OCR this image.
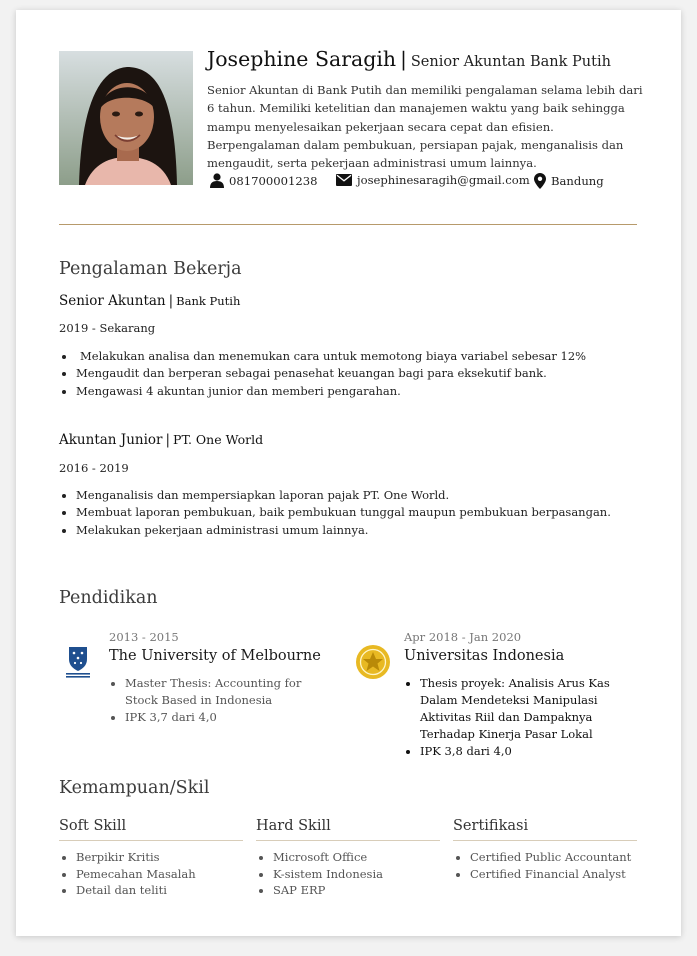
Josephine Saragih | Senior Akuntan Bank Putih

Senior Akuntan di Bank Putih dan memiliki pengalaman selama lebih dari 6 tahun. Memiliki ketelitian dan manajemen waktu yang baik sehingga mampu menyelesaikan pekerjaan secara cepat dan efisien. Berpengalaman dalam pembukuan, persiapan pajak, menganalisis dan mengaudit, serta pekerjaan administrasi umum lainnya.

081700001238	josephinesaragih@gmail.com Bandung
Pengalaman Bekerja

Senior Akuntan | Bank Putih

2019 - Sekarang
• Melakukan analisa dan menemukan cara untuk memotong biaya variabel sebesar 12%
• Mengaudit dan berperan sebagai penasehat keuangan bagi para eksekutif bank.
• Mengawasi 4 akuntan junior dan memberi pengarahan.

Akuntan Junior | PT. One World

2016 - 2019
• Menganalisis dan mempersiapkan laporan pajak PT. One World.
• Membuat laporan pembukuan, baik pembukuan tunggal maupun pembukuan berpasangan.
• Melakukan pekerjaan administrasi umum lainnya.
Pendidikan
2013 - 2015
The University of Melbourne
• Master Thesis: Accounting for Stock Based in Indonesia
• IPK 3,7 dari 4,0
Apr 2018 - Jan 2020
Universitas Indonesia
• Thesis proyek: Analisis Arus Kas Dalam Mendeteksi Manipulasi Aktivitas Riil dan Dampaknya Terhadap Kinerja Pasar Lokal
• IPK 3,8 dari 4,0
Kemampuan/Skil
Soft Skill
• Berpikir Kritis
• Pemecahan Masalah
• Detail dan teliti
Hard Skill
• Microsoft Office
• K-sistem Indonesia
• SAP ERP
Sertifikasi
• Certified Public Accountant
• Certified Financial Analyst
